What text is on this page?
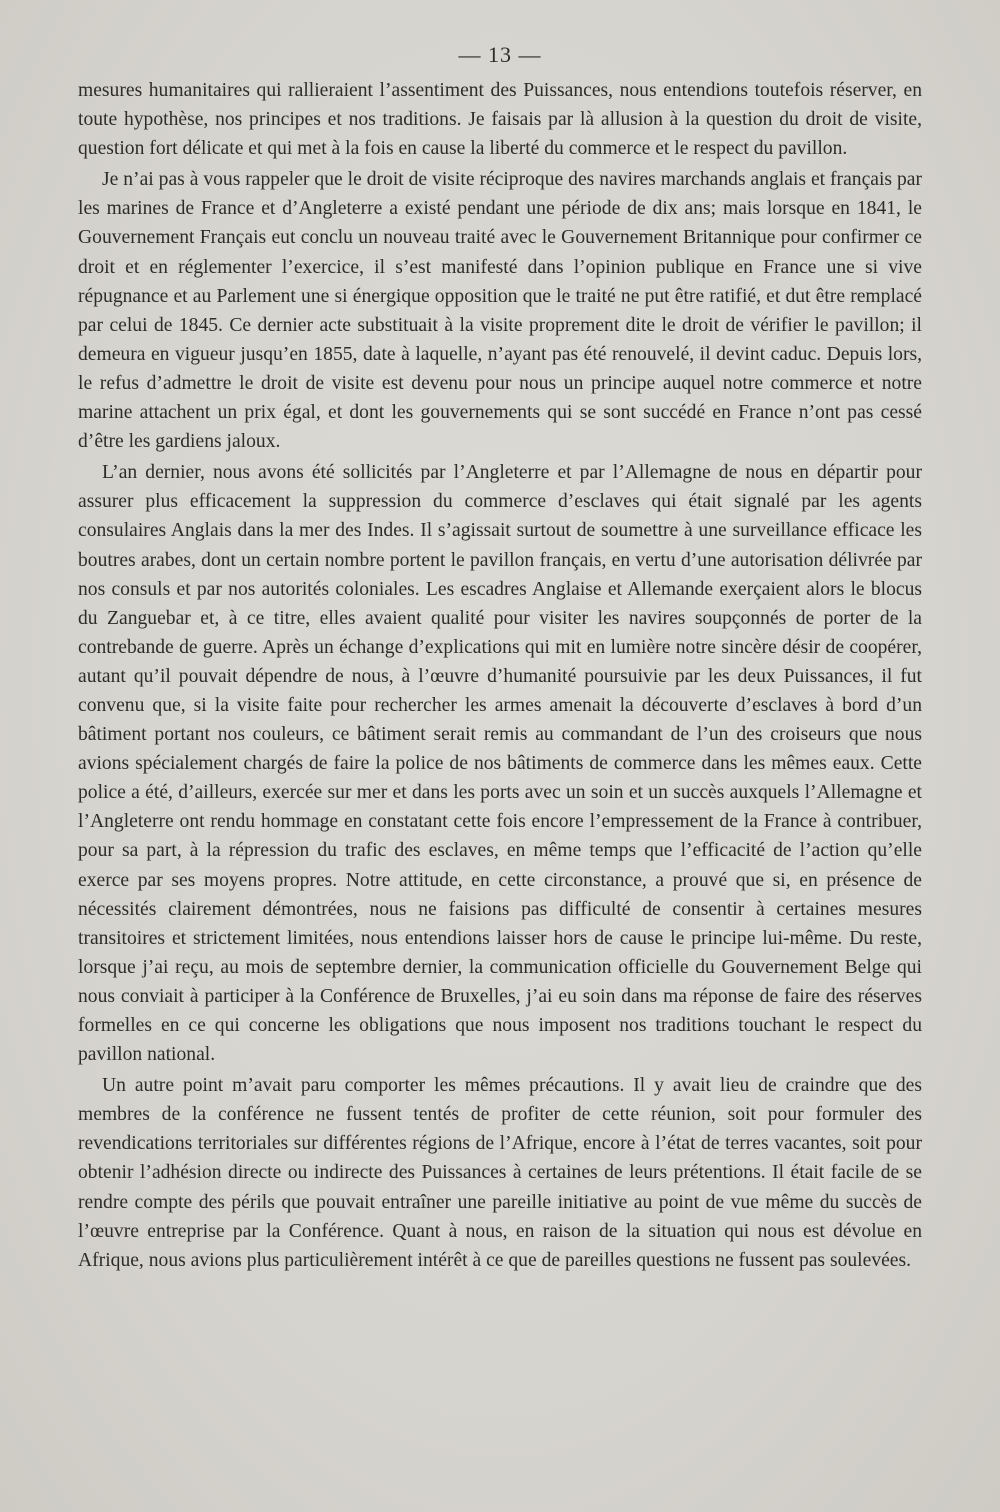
— 13 —

mesures humanitaires qui rallieraient l’assentiment des Puissances, nous entendions toutefois réserver, en toute hypothèse, nos principes et nos traditions. Je faisais par là allusion à la question du droit de visite, question fort délicate et qui met à la fois en cause la liberté du commerce et le respect du pavillon.

Je n’ai pas à vous rappeler que le droit de visite réciproque des navires marchands anglais et français par les marines de France et d’Angleterre a existé pendant une période de dix ans; mais lorsque en 1841, le Gouvernement Français eut conclu un nouveau traité avec le Gouvernement Britannique pour confirmer ce droit et en réglementer l’exercice, il s’est manifesté dans l’opinion publique en France une si vive répugnance et au Parlement une si énergique opposition que le traité ne put être ratifié, et dut être remplacé par celui de 1845. Ce dernier acte substituait à la visite proprement dite le droit de vérifier le pavillon; il demeura en vigueur jusqu’en 1855, date à laquelle, n’ayant pas été renouvelé, il devint caduc. Depuis lors, le refus d’admettre le droit de visite est devenu pour nous un principe auquel notre commerce et notre marine attachent un prix égal, et dont les gouvernements qui se sont succédé en France n’ont pas cessé d’être les gardiens jaloux.

L’an dernier, nous avons été sollicités par l’Angleterre et par l’Allemagne de nous en départir pour assurer plus efficacement la suppression du commerce d’esclaves qui était signalé par les agents consulaires Anglais dans la mer des Indes. Il s’agissait surtout de soumettre à une surveillance efficace les boutres arabes, dont un certain nombre portent le pavillon français, en vertu d’une autorisation délivrée par nos consuls et par nos autorités coloniales. Les escadres Anglaise et Allemande exerçaient alors le blocus du Zanguebar et, à ce titre, elles avaient qualité pour visiter les navires soupçonnés de porter de la contrebande de guerre. Après un échange d’explications qui mit en lumière notre sincère désir de coopérer, autant qu’il pouvait dépendre de nous, à l’œuvre d’humanité poursuivie par les deux Puissances, il fut convenu que, si la visite faite pour rechercher les armes amenait la découverte d’esclaves à bord d’un bâtiment portant nos couleurs, ce bâtiment serait remis au commandant de l’un des croiseurs que nous avions spécialement chargés de faire la police de nos bâtiments de commerce dans les mêmes eaux. Cette police a été, d’ailleurs, exercée sur mer et dans les ports avec un soin et un succès auxquels l’Allemagne et l’Angleterre ont rendu hommage en constatant cette fois encore l’empressement de la France à contribuer, pour sa part, à la répression du trafic des esclaves, en même temps que l’efficacité de l’action qu’elle exerce par ses moyens propres. Notre attitude, en cette circonstance, a prouvé que si, en présence de nécessités clairement démontrées, nous ne faisions pas difficulté de consentir à certaines mesures transitoires et strictement limitées, nous entendions laisser hors de cause le principe lui-même. Du reste, lorsque j’ai reçu, au mois de septembre dernier, la communication officielle du Gouvernement Belge qui nous conviait à participer à la Conférence de Bruxelles, j’ai eu soin dans ma réponse de faire des réserves formelles en ce qui concerne les obligations que nous imposent nos traditions touchant le respect du pavillon national.

Un autre point m’avait paru comporter les mêmes précautions. Il y avait lieu de craindre que des membres de la conférence ne fussent tentés de profiter de cette réunion, soit pour formuler des revendications territoriales sur différentes régions de l’Afrique, encore à l’état de terres vacantes, soit pour obtenir l’adhésion directe ou indirecte des Puissances à certaines de leurs prétentions. Il était facile de se rendre compte des périls que pouvait entraîner une pareille initiative au point de vue même du succès de l’œuvre entreprise par la Conférence. Quant à nous, en raison de la situation qui nous est dévolue en Afrique, nous avions plus particulièrement intérêt à ce que de pareilles questions ne fussent pas soulevées.
